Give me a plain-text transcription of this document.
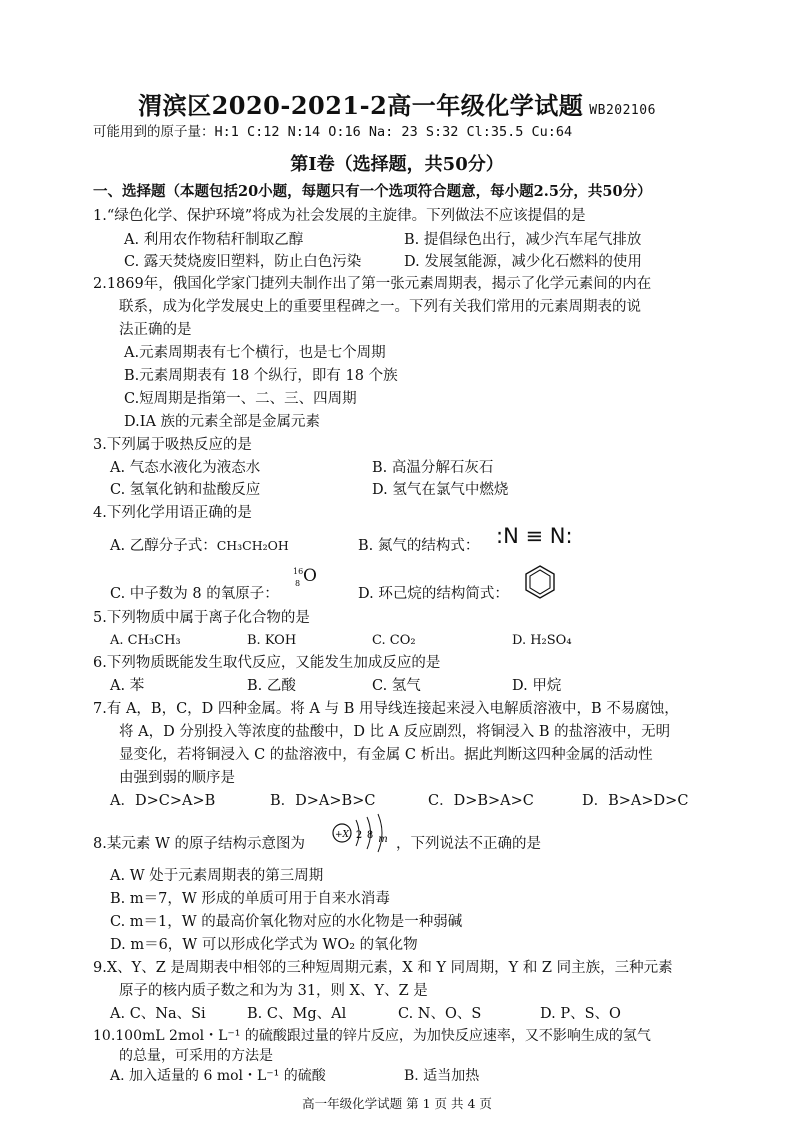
渭滨区2020-2021-2高一年级化学试题 WB202106
可能用到的原子量：H:1 C:12 N:14 O:16 Na: 23 S:32 Cl:35.5 Cu:64
第Ⅰ卷（选择题，共50分）
一、选择题（本题包括20小题，每题只有一个选项符合题意，每小题2.5分，共50分）
1.“绿色化学、保护环境”将成为社会发展的主旋律。下列做法不应该提倡的是
A. 利用农作物秸秆制取乙醇	B. 提倡绿色出行，减少汽车尾气排放
C. 露天焚烧废旧塑料，防止白色污染	D. 发展氢能源，减少化石燃料的使用
2.1869年，俄国化学家门捷列夫制作出了第一张元素周期表，揭示了化学元素间的内在
联系，成为化学发展史上的重要里程碑之一。下列有关我们常用的元素周期表的说
法正确的是
A.元素周期表有七个横行，也是七个周期
B.元素周期表有 18 个纵行，即有 18 个族
C.短周期是指第一、二、三、四周期
D.IA 族的元素全部是金属元素
3.下列属于吸热反应的是
A. 气态水液化为液态水	B. 高温分解石灰石
C. 氢氧化钠和盐酸反应	D. 氢气在氯气中燃烧
4.下列化学用语正确的是
A. 乙醇分子式：CH₃CH₂OH	B. 氮气的结构式： :N ≡ N:
C. 中子数为 8 的氧原子：
16
8 O
D. 环己烷的结构简式：
5.下列物质中属于离子化合物的是
A. CH₃CH₃	B. KOH	C. CO₂	D. H₂SO₄
6.下列物质既能发生取代反应，又能发生加成反应的是
A. 苯	B. 乙酸	C. 氢气	D. 甲烷
7.有 A，B，C，D 四种金属。将 A 与 B 用导线连接起来浸入电解质溶液中，B 不易腐蚀，
将 A，D 分别投入等浓度的盐酸中，D 比 A 反应剧烈，将铜浸入 B 的盐溶液中，无明
显变化，若将铜浸入 C 的盐溶液中，有金属 C 析出。据此判断这四种金属的活动性
由强到弱的顺序是
A．D>C>A>B	B．D>A>B>C	C．D>B>A>C	D．B>A>D>C
8.某元素 W 的原子结构示意图为
+X 2 8 m ，下列说法不正确的是
A. W 处于元素周期表的第三周期
B. m＝7，W 形成的单质可用于自来水消毒
C. m＝1，W 的最高价氧化物对应的水化物是一种弱碱
D. m＝6，W 可以形成化学式为 WO₂ 的氧化物
9.X、Y、Z 是周期表中相邻的三种短周期元素，X 和 Y 同周期，Y 和 Z 同主族，三种元素
原子的核内质子数之和为为 31，则 X、Y、Z 是
A. C、Na、Si	B. C、Mg、Al	C. N、O、S	D. P、S、O
10.100mL 2mol・L⁻¹ 的硫酸跟过量的锌片反应，为加快反应速率，又不影响生成的氢气
的总量，可采用的方法是
A. 加入适量的 6 mol・L⁻¹ 的硫酸	B. 适当加热
高一年级化学试题 第 1 页 共 4 页
